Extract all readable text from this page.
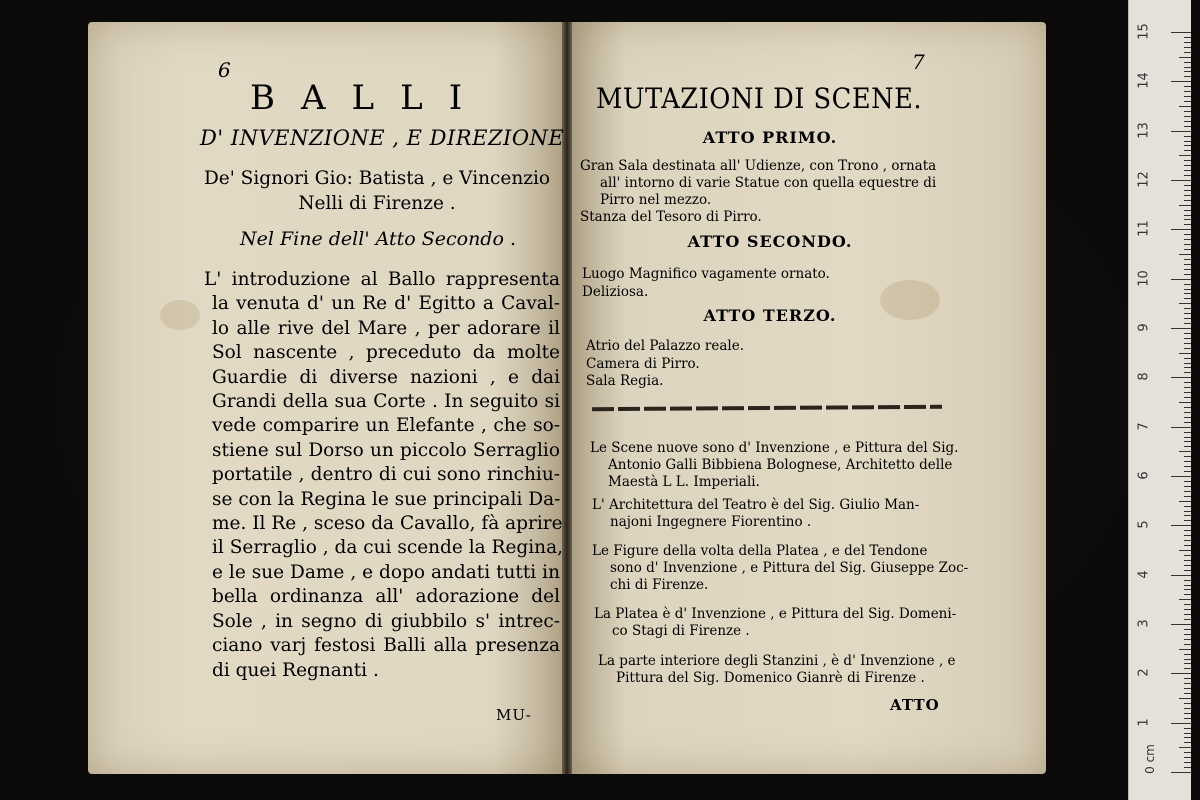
6
BALLI
D' INVENZIONE , E DIREZIONE
De' Signori Gio: Batista , e Vincenzio
Nelli di Firenze .
Nel Fine dell' Atto Secondo .
L' introduzione al Ballo rappresenta
la venuta d' un Re d' Egitto a Caval-
lo alle rive del Mare , per adorare il
Sol nascente , preceduto da molte
Guardie di diverse nazioni , e dai
Grandi della sua Corte . In seguito si
vede comparire un Elefante , che so-
stiene sul Dorso un piccolo Serraglio
portatile , dentro di cui sono rinchiu-
se con la Regina le sue principali Da-
me. Il Re , sceso da Cavallo, fà aprire
il Serraglio , da cui scende la Regina,
e le sue Dame , e dopo andati tutti in
bella ordinanza all' adorazione del
Sole , in segno di giubbilo s' intrec-
ciano varj festosi Balli alla presenza
di quei Regnanti .
MU-
7
MUTAZIONI DI SCENE.
ATTO PRIMO.
Gran Sala destinata all' Udienze, con Trono , ornata
all' intorno di varie Statue con quella equestre di
Pirro nel mezzo.
Stanza del Tesoro di Pirro.
ATTO SECONDO.
Luogo Magnifico vagamente ornato.
Deliziosa.
ATTO TERZO.
Atrio del Palazzo reale.
Camera di Pirro.
Sala Regia.
Le Scene nuove sono d' Invenzione , e Pittura del Sig.
Antonio Galli Bibbiena Bolognese, Architetto delle
Maestà L L. Imperiali.
L' Architettura del Teatro è del Sig. Giulio Man-
najoni Ingegnere Fiorentino .
Le Figure della volta della Platea , e del Tendone
sono d' Invenzione , e Pittura del Sig. Giuseppe Zoc-
chi di Firenze.
La Platea è d' Invenzione , e Pittura del Sig. Domeni-
co Stagi di Firenze .
La parte interiore degli Stanzini , è d' Invenzione , e
Pittura del Sig. Domenico Gianrè di Firenze .
ATTO
0 cm
15
14
13
12
11
10
9
8
7
6
5
4
3
2
1
